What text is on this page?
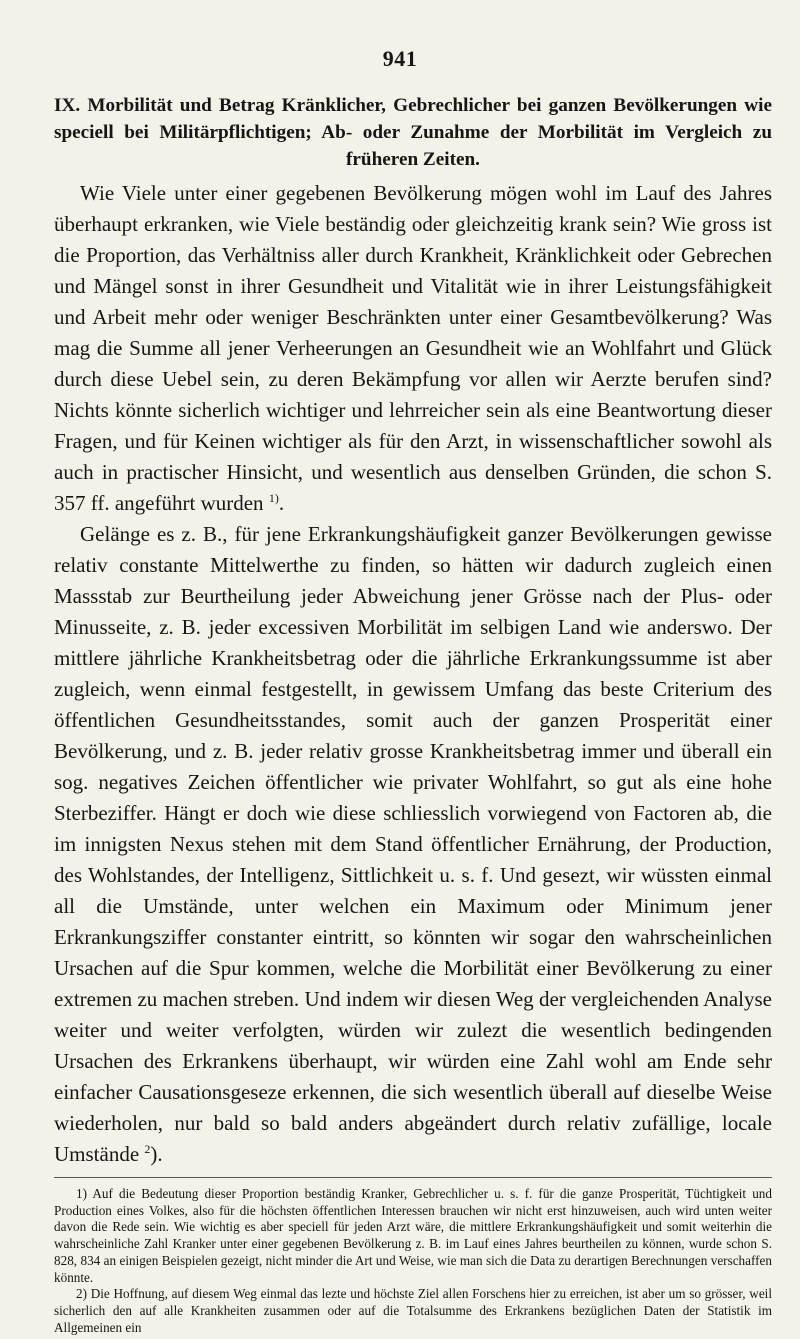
941
IX. Morbilität und Betrag Kränklicher, Gebrechlicher bei ganzen Bevölkerungen wie speciell bei Militärpflichtigen; Ab- oder Zunahme der Morbilität im Vergleich zu früheren Zeiten.

Wie Viele unter einer gegebenen Bevölkerung mögen wohl im Lauf des Jahres überhaupt erkranken, wie Viele beständig oder gleichzeitig krank sein? Wie gross ist die Proportion, das Verhältniss aller durch Krankheit, Kränklichkeit oder Gebrechen und Mängel sonst in ihrer Gesundheit und Vitalität wie in ihrer Leistungsfähigkeit und Arbeit mehr oder weniger Beschränkten unter einer Gesamtbevölkerung? Was mag die Summe all jener Verheerungen an Gesundheit wie an Wohlfahrt und Glück durch diese Uebel sein, zu deren Bekämpfung vor allen wir Aerzte berufen sind? Nichts könnte sicherlich wichtiger und lehrreicher sein als eine Beantwortung dieser Fragen, und für Keinen wichtiger als für den Arzt, in wissenschaftlicher sowohl als auch in practischer Hinsicht, und wesentlich aus denselben Gründen, die schon S. 357 ff. angeführt wurden $^{1)}$.

Gelänge es z. B., für jene Erkrankungshäufigkeit ganzer Bevölkerungen gewisse relativ constante Mittelwerthe zu finden, so hätten wir dadurch zugleich einen Massstab zur Beurtheilung jeder Abweichung jener Grösse nach der Plus- oder Minusseite, z. B. jeder excessiven Morbilität im selbigen Land wie anderswo. Der mittlere jährliche Krankheitsbetrag oder die jährliche Erkrankungssumme ist aber zugleich, wenn einmal festgestellt, in gewissem Umfang das beste Criterium des öffentlichen Gesundheitsstandes, somit auch der ganzen Prosperität einer Bevölkerung, und z. B. jeder relativ grosse Krankheitsbetrag immer und überall ein sog. negatives Zeichen öffentlicher wie privater Wohlfahrt, so gut als eine hohe Sterbeziffer. Hängt er doch wie diese schliesslich vorwiegend von Factoren ab, die im innigsten Nexus stehen mit dem Stand öffentlicher Ernährung, der Production, des Wohlstandes, der Intelligenz, Sittlichkeit u. s. f. Und gesezt, wir wüssten einmal all die Umstände, unter welchen ein Maximum oder Minimum jener Erkrankungsziffer constanter eintritt, so könnten wir sogar den wahrscheinlichen Ursachen auf die Spur kommen, welche die Morbilität einer Bevölkerung zu einer extremen zu machen streben. Und indem wir diesen Weg der vergleichenden Analyse weiter und weiter verfolgten, würden wir zulezt die wesentlich bedingenden Ursachen des Erkrankens überhaupt, wir würden eine Zahl wohl am Ende sehr einfacher Causationsgeseze erkennen, die sich wesentlich überall auf dieselbe Weise wiederholen, nur bald so bald anders abgeändert durch relativ zufällige, locale Umstände $^2$).

1) Auf die Bedeutung dieser Proportion beständig Kranker, Gebrechlicher u. s. f. für die ganze Prosperität, Tüchtigkeit und Production eines Volkes, also für die höchsten öffentlichen Interessen brauchen wir nicht erst hinzuweisen, auch wird unten weiter davon die Rede sein. Wie wichtig es aber speciell für jeden Arzt wäre, die mittlere Erkrankungshäufigkeit und somit weiterhin die wahrscheinliche Zahl Kranker unter einer gegebenen Bevölkerung z. B. im Lauf eines Jahres beurtheilen zu können, wurde schon S. 828, 834 an einigen Beispielen gezeigt, nicht minder die Art und Weise, wie man sich die Data zu derartigen Berechnungen verschaffen könnte.

2) Die Hoffnung, auf diesem Weg einmal das lezte und höchste Ziel allen Forschens hier zu erreichen, ist aber um so grösser, weil sicherlich den auf alle Krankheiten zusammen oder auf die Totalsumme des Erkrankens bezüglichen Daten der Statistik im Allgemeinen ein
